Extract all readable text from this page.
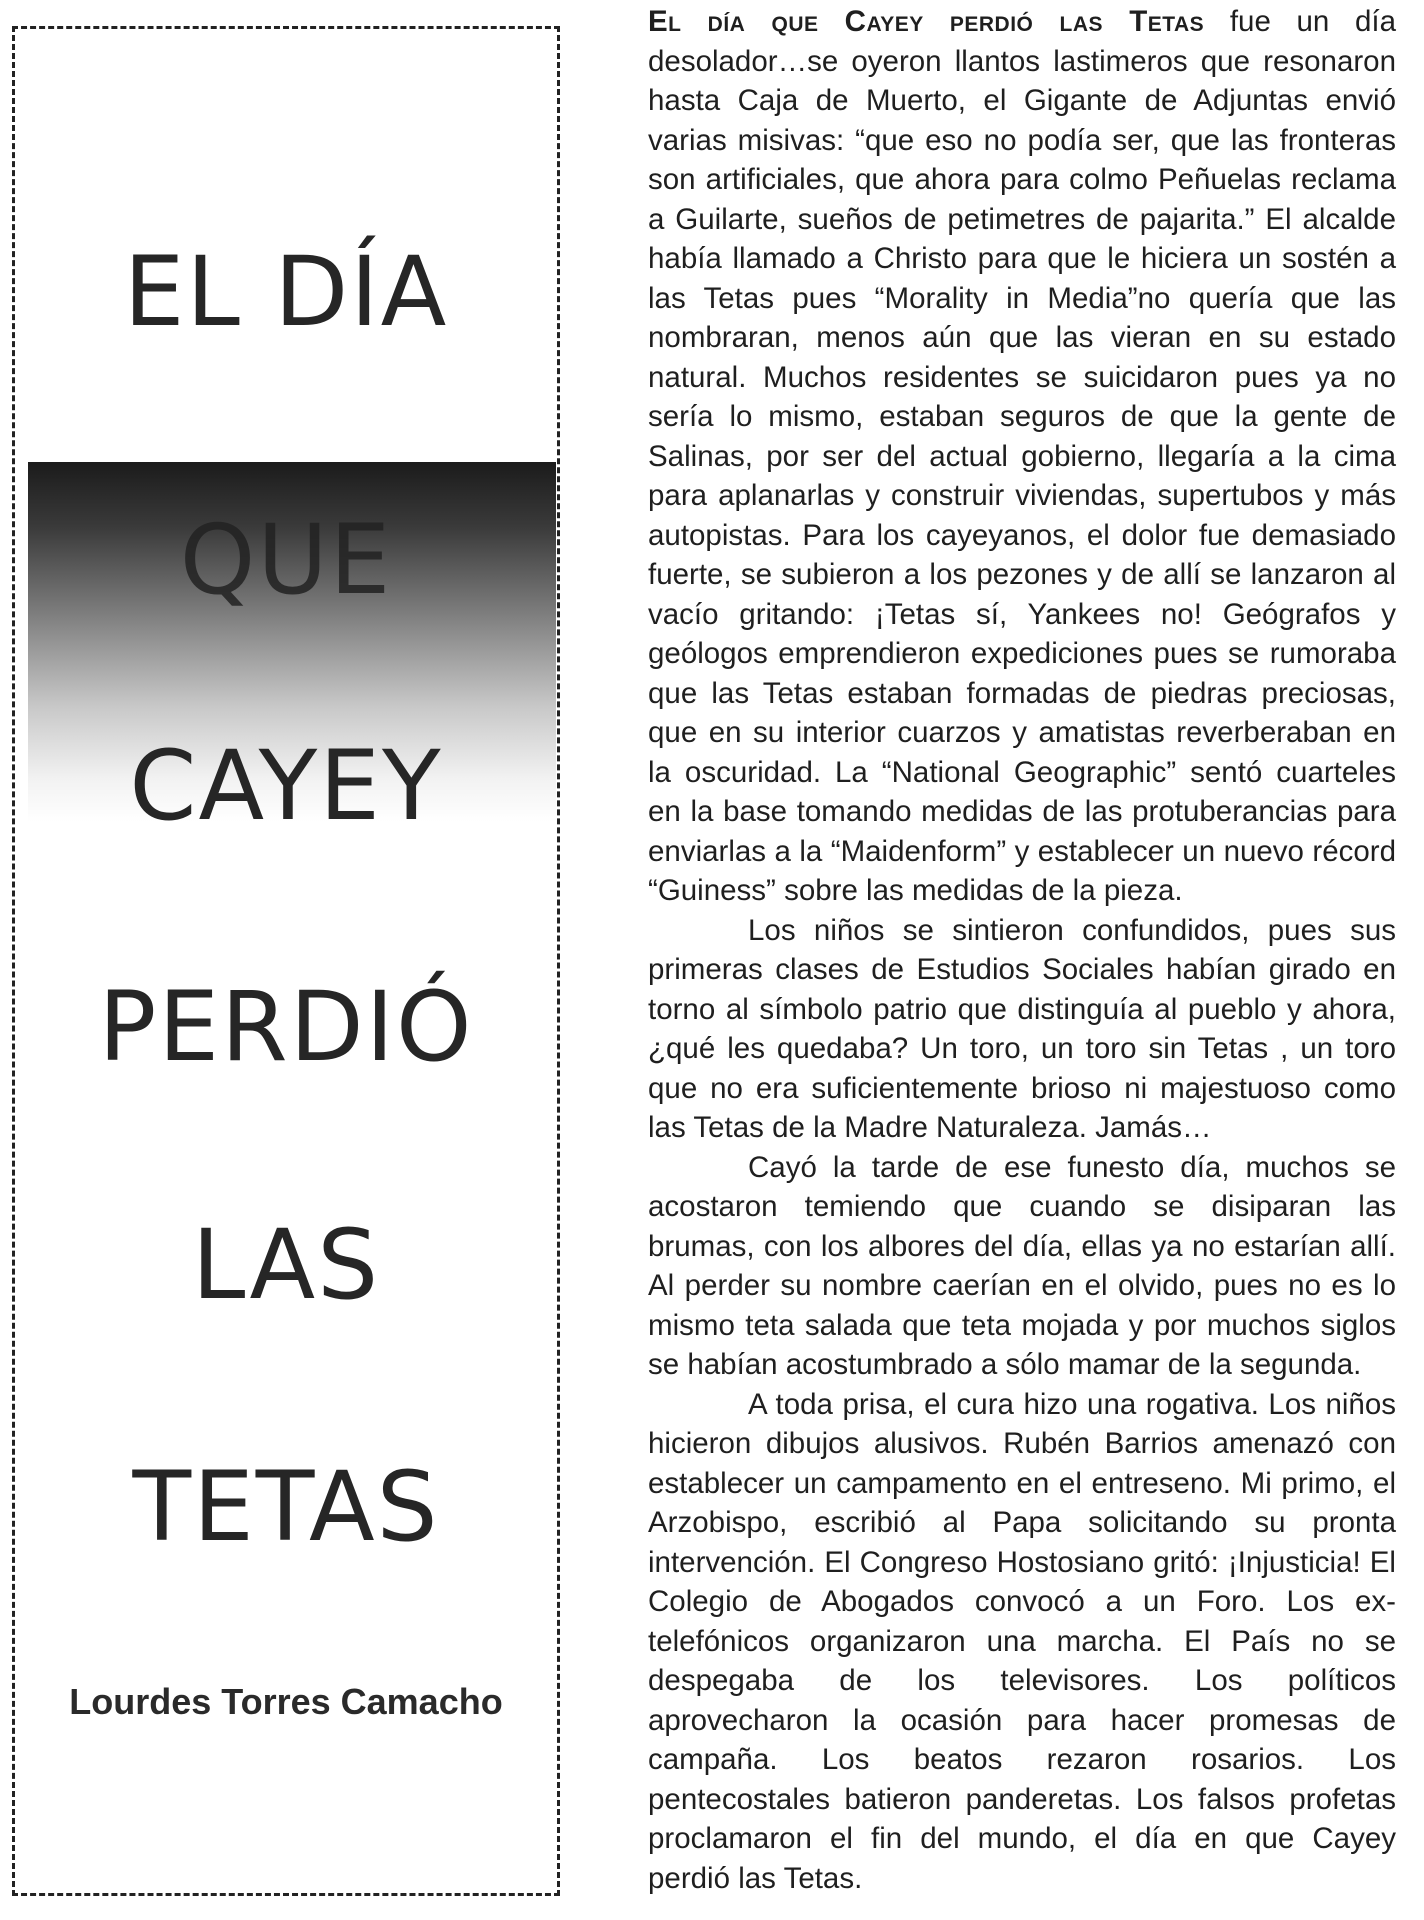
EL DÍA
QUE
CAYEY
PERDIÓ
LAS
TETAS
Lourdes Torres Camacho

El día que Cayey perdió las Tetas fue un día desolador…se oyeron llantos lastimeros que resonaron hasta Caja de Muerto, el Gigante de Adjuntas envió varias misivas: “que eso no podía ser, que las fronteras son artificiales, que ahora para colmo Peñuelas reclama a Guilarte, sueños de petimetres de pajarita.” El alcalde había llamado a Christo para que le hiciera un sostén a las Tetas pues “Morality in Media”no quería que las nombraran, menos aún que las vieran en su estado natural. Muchos residentes se suicidaron pues ya no sería lo mismo, estaban seguros de que la gente de Salinas, por ser del actual gobierno, llegaría a la cima para aplanarlas y construir viviendas, supertubos y más autopistas. Para los cayeyanos, el dolor fue demasiado fuerte, se subieron a los pezones y de allí se lanzaron al vacío gritando: ¡Tetas sí, Yankees no! Geógrafos y geólogos emprendieron expediciones pues se rumoraba que las Tetas estaban formadas de piedras preciosas, que en su interior cuarzos y amatistas reverberaban en la oscuridad. La “National Geographic” sentó cuarteles en la base tomando medidas de las protuberancias para enviarlas a la “Maidenform” y establecer un nuevo récord “Guiness” sobre las medidas de la pieza.

Los niños se sintieron confundidos, pues sus primeras clases de Estudios Sociales habían girado en torno al símbolo patrio que distinguía al pueblo y ahora, ¿qué les quedaba? Un toro, un toro sin Tetas , un toro que no era suficientemente brioso ni majestuoso como las Tetas de la Madre Naturaleza. Jamás…

Cayó la tarde de ese funesto día, muchos se acostaron temiendo que cuando se disiparan las brumas, con los albores del día, ellas ya no estarían allí. Al perder su nombre caerían en el olvido, pues no es lo mismo teta salada que teta mojada y por muchos siglos se habían acostumbrado a sólo mamar de la segunda.

A toda prisa, el cura hizo una rogativa. Los niños hicieron dibujos alusivos. Rubén Barrios amenazó con establecer un campamento en el entreseno. Mi primo, el Arzobispo, escribió al Papa solicitando su pronta intervención. El Congreso Hostosiano gritó: ¡Injusticia! El Colegio de Abogados convocó a un Foro. Los ex-telefónicos organizaron una marcha. El País no se despegaba de los televisores. Los políticos aprovecharon la ocasión para hacer promesas de campaña. Los beatos rezaron rosarios. Los pentecostales batieron panderetas. Los falsos profetas proclamaron el fin del mundo, el día en que Cayey perdió las Tetas.
